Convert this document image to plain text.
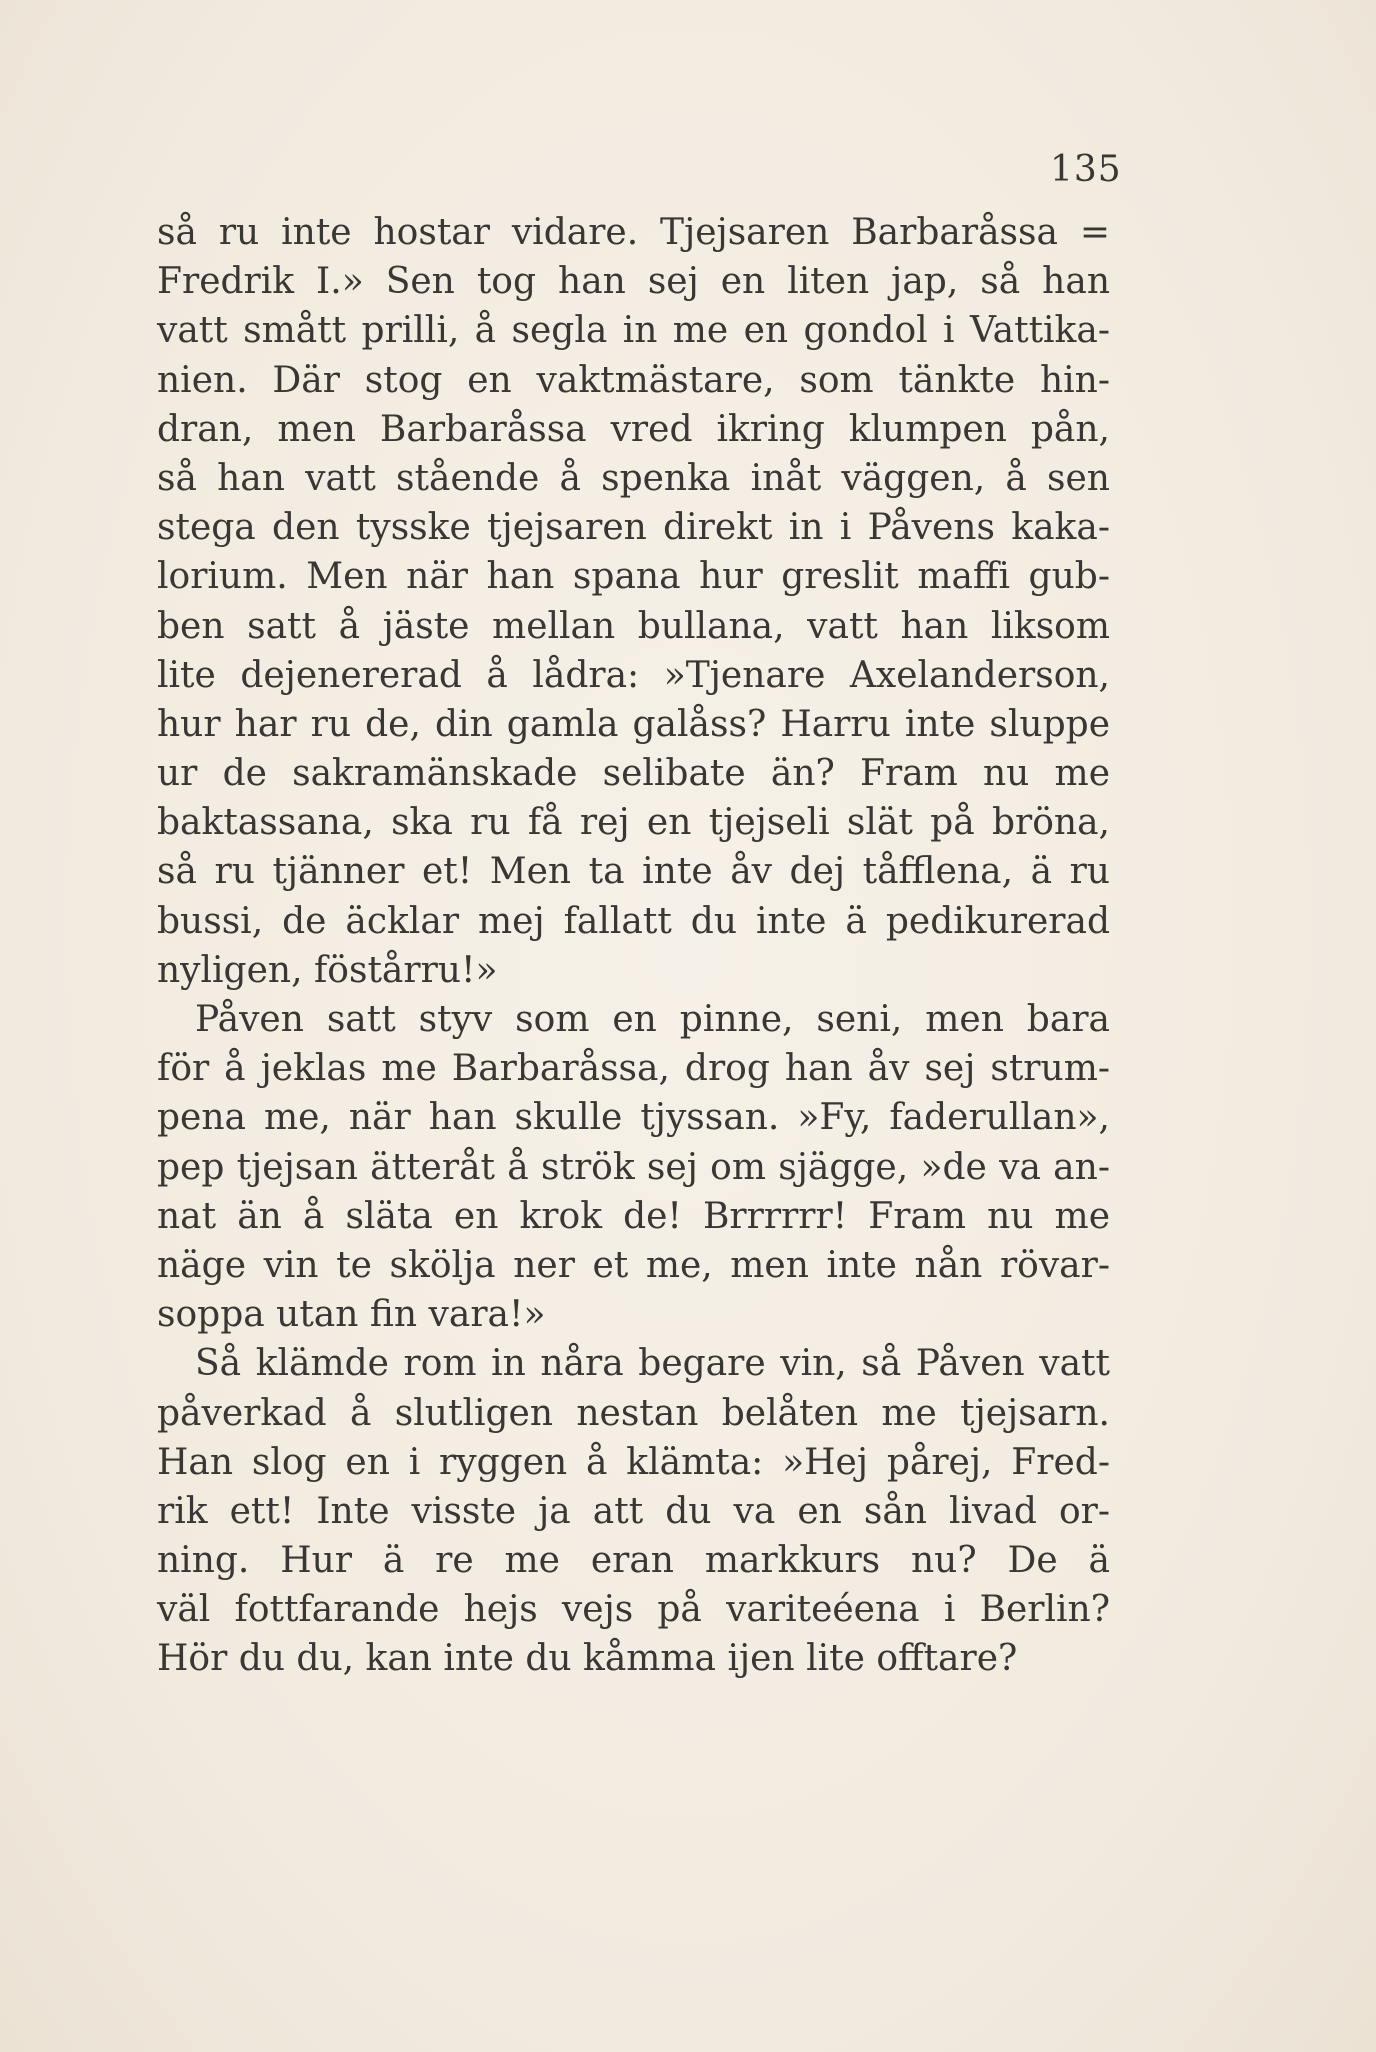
135
så ru inte hostar vidare. Tjejsaren Barbaråssa =
Fredrik I.» Sen tog han sej en liten jap, så han
vatt smått prilli, å segla in me en gondol i Vattika-
nien. Där stog en vaktmästare, som tänkte hin-
dran, men Barbaråssa vred ikring klumpen pån,
så han vatt stående å spenka inåt väggen, å sen
stega den tysske tjejsaren direkt in i Påvens kaka-
lorium. Men när han spana hur greslit maffi gub-
ben satt å jäste mellan bullana, vatt han liksom
lite dejenererad å lådra: »Tjenare Axelanderson,
hur har ru de, din gamla galåss? Harru inte sluppe
ur de sakramänskade selibate än? Fram nu me
baktassana, ska ru få rej en tjejseli slät på bröna,
så ru tjänner et! Men ta inte åv dej tåfflena, ä ru
bussi, de äcklar mej fallatt du inte ä pedikurerad
nyligen, föstårru!»
Påven satt styv som en pinne, seni, men bara
för å jeklas me Barbaråssa, drog han åv sej strum-
pena me, när han skulle tjyssan. »Fy, faderullan»,
pep tjejsan ätteråt å strök sej om sjägge, »de va an-
nat än å släta en krok de! Brrrrrr! Fram nu me
näge vin te skölja ner et me, men inte nån rövar-
soppa utan fin vara!»
Så klämde rom in nåra begare vin, så Påven vatt
påverkad å slutligen nestan belåten me tjejsarn.
Han slog en i ryggen å klämta: »Hej pårej, Fred-
rik ett! Inte visste ja att du va en sån livad or-
ning. Hur ä re me eran markkurs nu? De ä
väl fottfarande hejs vejs på variteéena i Berlin?
Hör du du, kan inte du kåmma ijen lite offtare?
